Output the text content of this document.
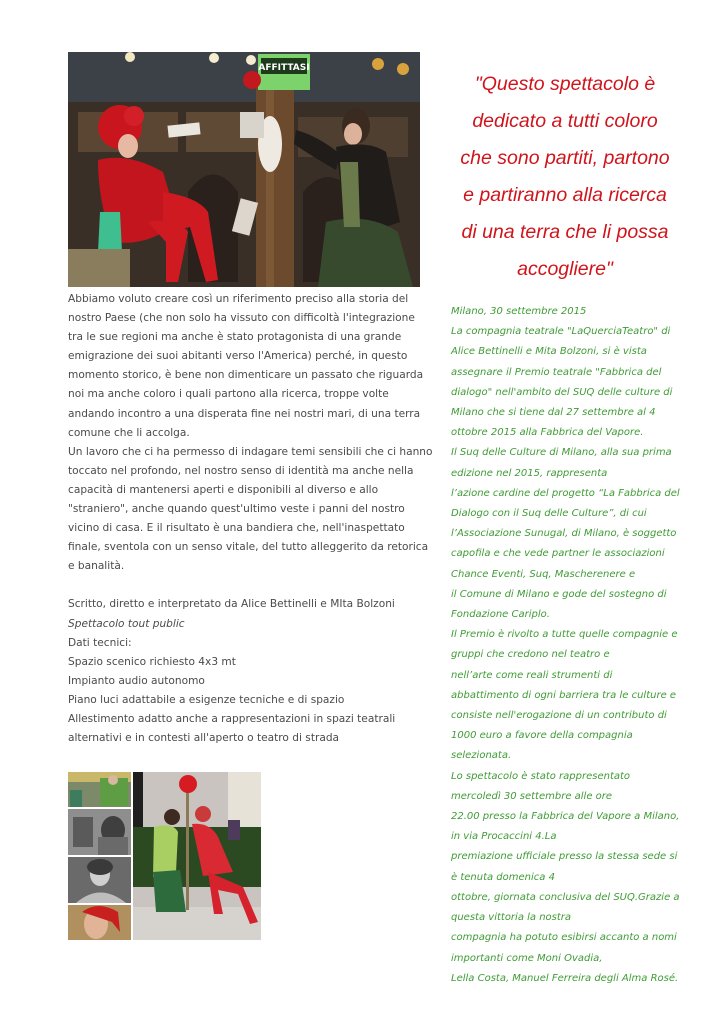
AFFITTASI

Abbiamo voluto creare così un riferimento preciso alla storia del

nostro Paese (che non solo ha vissuto con difficoltà l'integrazione

tra le sue regioni ma anche è stato protagonista di una grande

emigrazione dei suoi abitanti verso l'America) perché, in questo

momento storico, è bene non dimenticare un passato che riguarda

noi ma anche coloro i quali partono alla ricerca, troppe volte

andando incontro a una disperata fine nei nostri mari, di una terra

comune che li accolga.

Un lavoro che ci ha permesso di indagare temi sensibili che ci hanno

toccato nel profondo, nel nostro senso di identità ma anche nella

capacità di mantenersi aperti e disponibili al diverso e allo

"straniero", anche quando quest'ultimo veste i panni del nostro

vicino di casa. E il risultato è una bandiera che, nell'inaspettato

finale, sventola con un senso vitale, del tutto alleggerito da retorica

e banalità.

Scritto, diretto e interpretato da Alice Bettinelli e MIta Bolzoni

Spettacolo tout public

Dati tecnici:

Spazio scenico richiesto 4x3 mt

Impianto audio autonomo

Piano luci adattabile a esigenze tecniche e di spazio

Allestimento adatto anche a rappresentazioni in spazi teatrali

alternativi e in contesti all'aperto o teatro di strada

"Questo spettacolo è
dedicato a tutti coloro
che sono partiti, partono
e partiranno alla ricerca
di una terra che li possa
accogliere"
Milano, 30 settembre 2015
La compagnia teatrale "LaQuerciaTeatro" di
Alice Bettinelli e Mita Bolzoni, si è vista
assegnare il Premio teatrale "Fabbrica del
dialogo" nell'ambito del SUQ delle culture di
Milano che si tiene dal 27 settembre al 4
ottobre 2015 alla Fabbrica del Vapore.
Il Suq delle Culture di Milano, alla sua prima
edizione nel 2015, rappresenta
l’azione cardine del progetto “La Fabbrica del
Dialogo con il Suq delle Culture”, di cui
l’Associazione Sunugal, di Milano, è soggetto
capofila e che vede partner le associazioni
Chance Eventi, Suq, Mascherenere e
il Comune di Milano e gode del sostegno di
Fondazione Cariplo.
Il Premio è rivolto a tutte quelle compagnie e
gruppi che credono nel teatro e
nell’arte come reali strumenti di
abbattimento di ogni barriera tra le culture e
consiste nell'erogazione di un contributo di
1000 euro a favore della compagnia
selezionata.
Lo spettacolo è stato rappresentato
mercoledì 30 settembre alle ore
22.00 presso la Fabbrica del Vapore a Milano,
in via Procaccini 4.La
premiazione ufficiale presso la stessa sede si
è tenuta domenica 4
ottobre, giornata conclusiva del SUQ.Grazie a
questa vittoria la nostra
compagnia ha potuto esibirsi accanto a nomi
importanti come Moni Ovadia,
Lella Costa, Manuel Ferreira degli Alma Rosé.
